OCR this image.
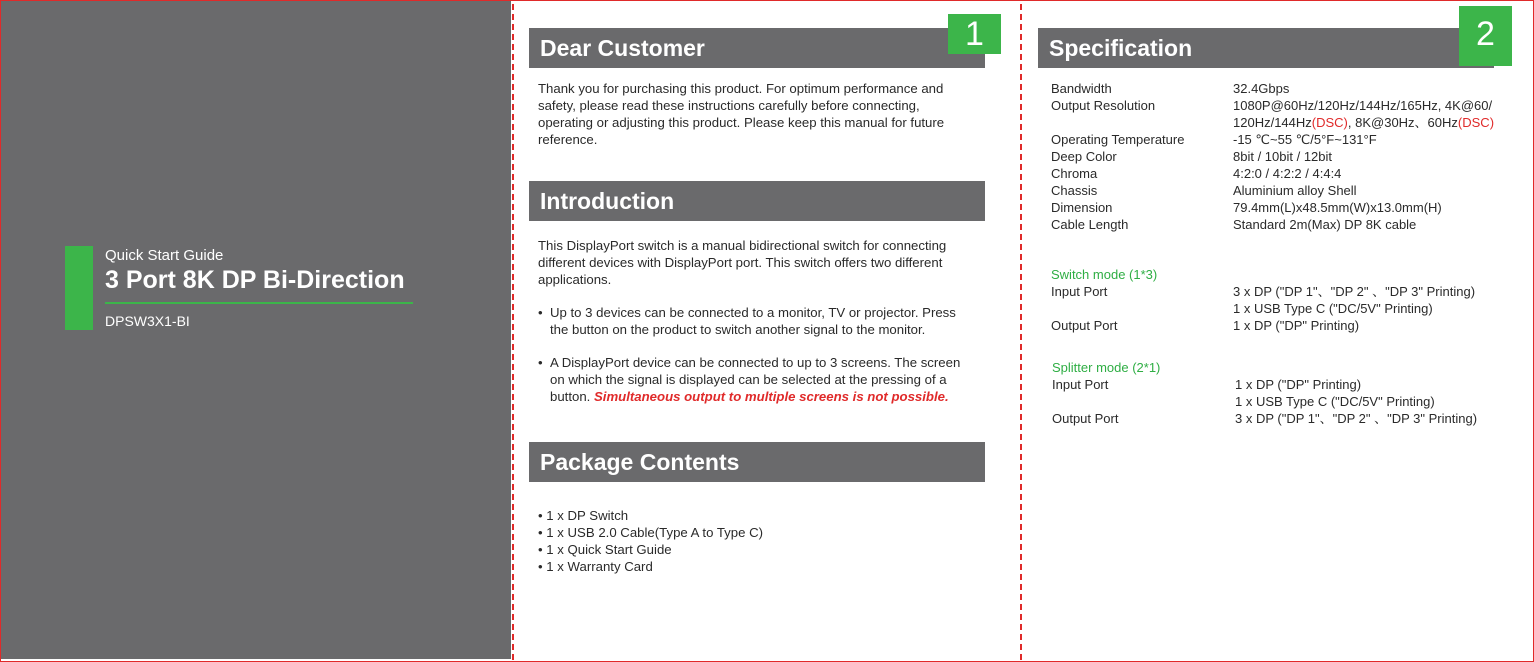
Quick Start Guide
3 Port 8K DP Bi-Direction
DPSW3X1-BI
Dear Customer	1
Thank you for purchasing this product. For optimum performance and
safety, please read these instructions carefully before connecting,
operating or adjusting this product. Please keep this manual for future
reference.
Introduction
This DisplayPort switch is a manual bidirectional switch for connecting
different devices with DisplayPort port. This switch offers two different
applications.
• Up to 3 devices can be connected to a monitor, TV or projector. Press
the button on the product to switch another signal to the monitor.
• A DisplayPort device can be connected to up to 3 screens. The screen
on which the signal is displayed can be selected at the pressing of a
button. Simultaneous output to multiple screens is not possible.
Package Contents
• 1 x DP Switch
• 1 x USB 2.0 Cable(Type A to Type C)
• 1 x Quick Start Guide
• 1 x Warranty Card
Specification	2
Bandwidth
Output Resolution
Operating Temperature
Deep Color
Chroma
Chassis
Dimension
Cable Length
32.4Gbps
1080P@60Hz/120Hz/144Hz/165Hz, 4K@60/
120Hz/144Hz(DSC), 8K@30Hz、60Hz(DSC)
-15 ℃~55 ℃/5°F~131°F
8bit / 10bit / 12bit
4:2:0 / 4:2:2 / 4:4:4
Aluminium alloy Shell
79.4mm(L)x48.5mm(W)x13.0mm(H)
Standard 2m(Max) DP 8K cable
Switch mode (1*3)
Input Port
Output Port
3 x DP ("DP 1"、"DP 2" 、"DP 3" Printing)
1 x USB Type C ("DC/5V" Printing)
1 x DP ("DP" Printing)
Splitter mode (2*1)
Input Port
Output Port
1 x DP ("DP" Printing)
1 x USB Type C ("DC/5V" Printing)
3 x DP ("DP 1"、"DP 2" 、"DP 3" Printing)
